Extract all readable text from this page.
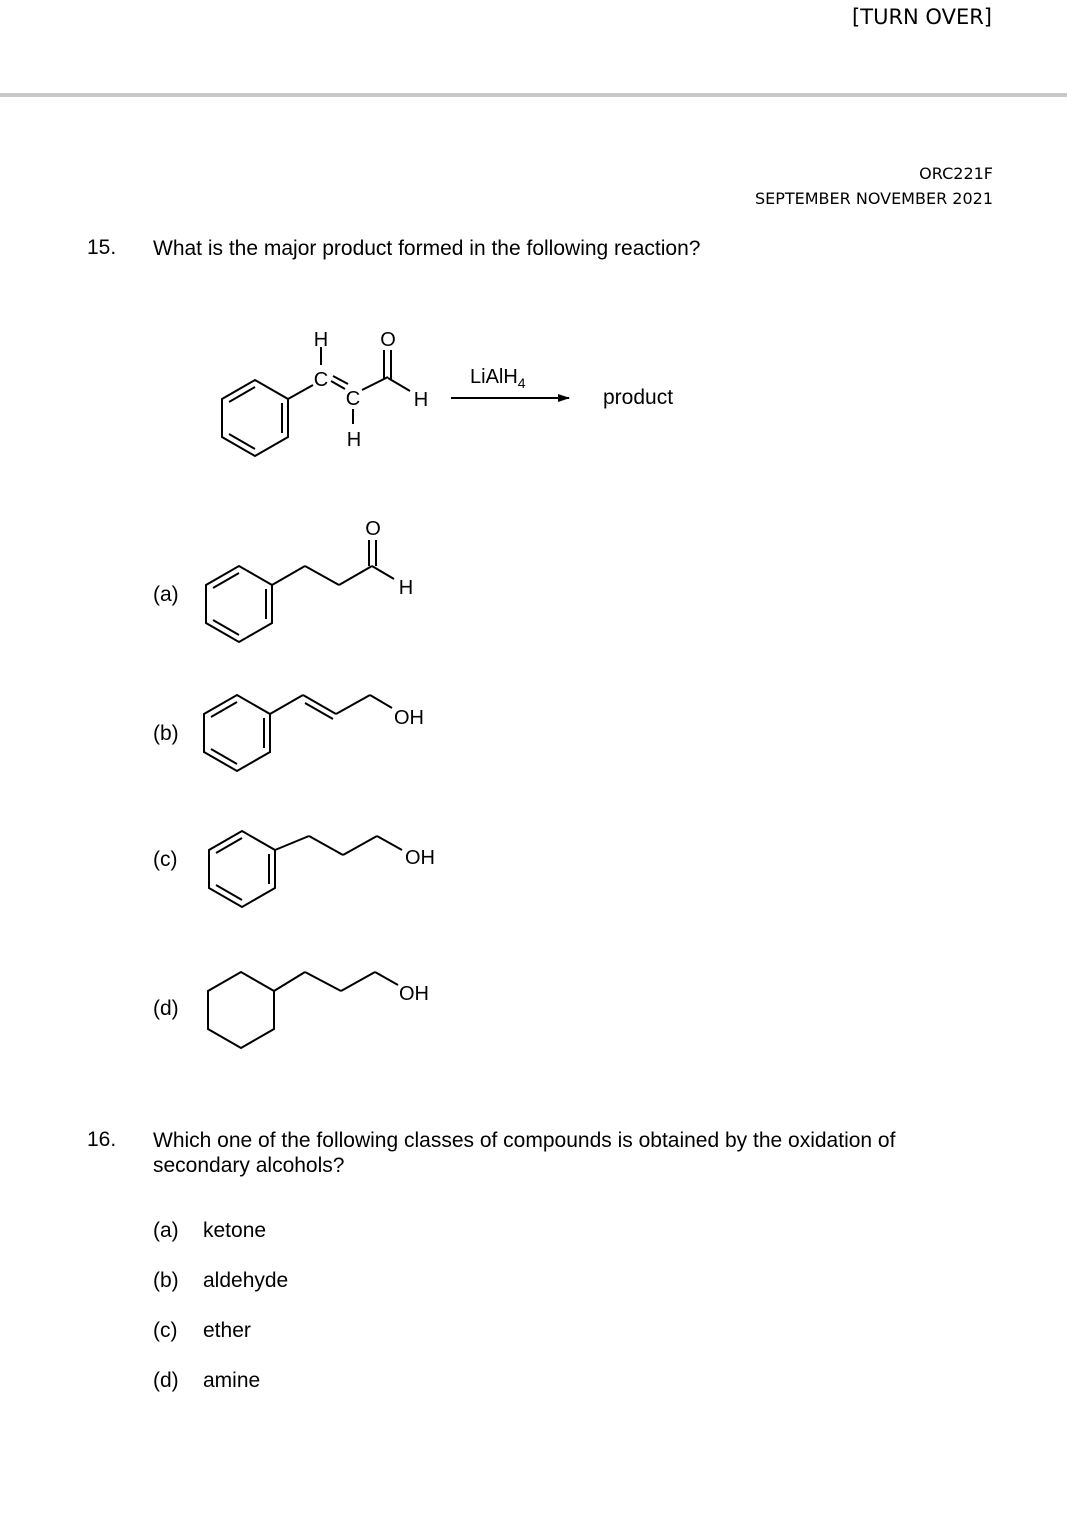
[TURN OVER]
ORC221F
SEPTEMBER NOVEMBER 2021
15. What is the major product formed in the following reaction?
H	O
C
C	H
H
LiAlH$_4$
product
O
H
OH
OH
OH
(a)
(b)
(c)
(d)
16. Which one of the following classes of compounds is obtained by the oxidation of
secondary alcohols?
(a) ketone
(b) aldehyde
(c) ether
(d) amine
